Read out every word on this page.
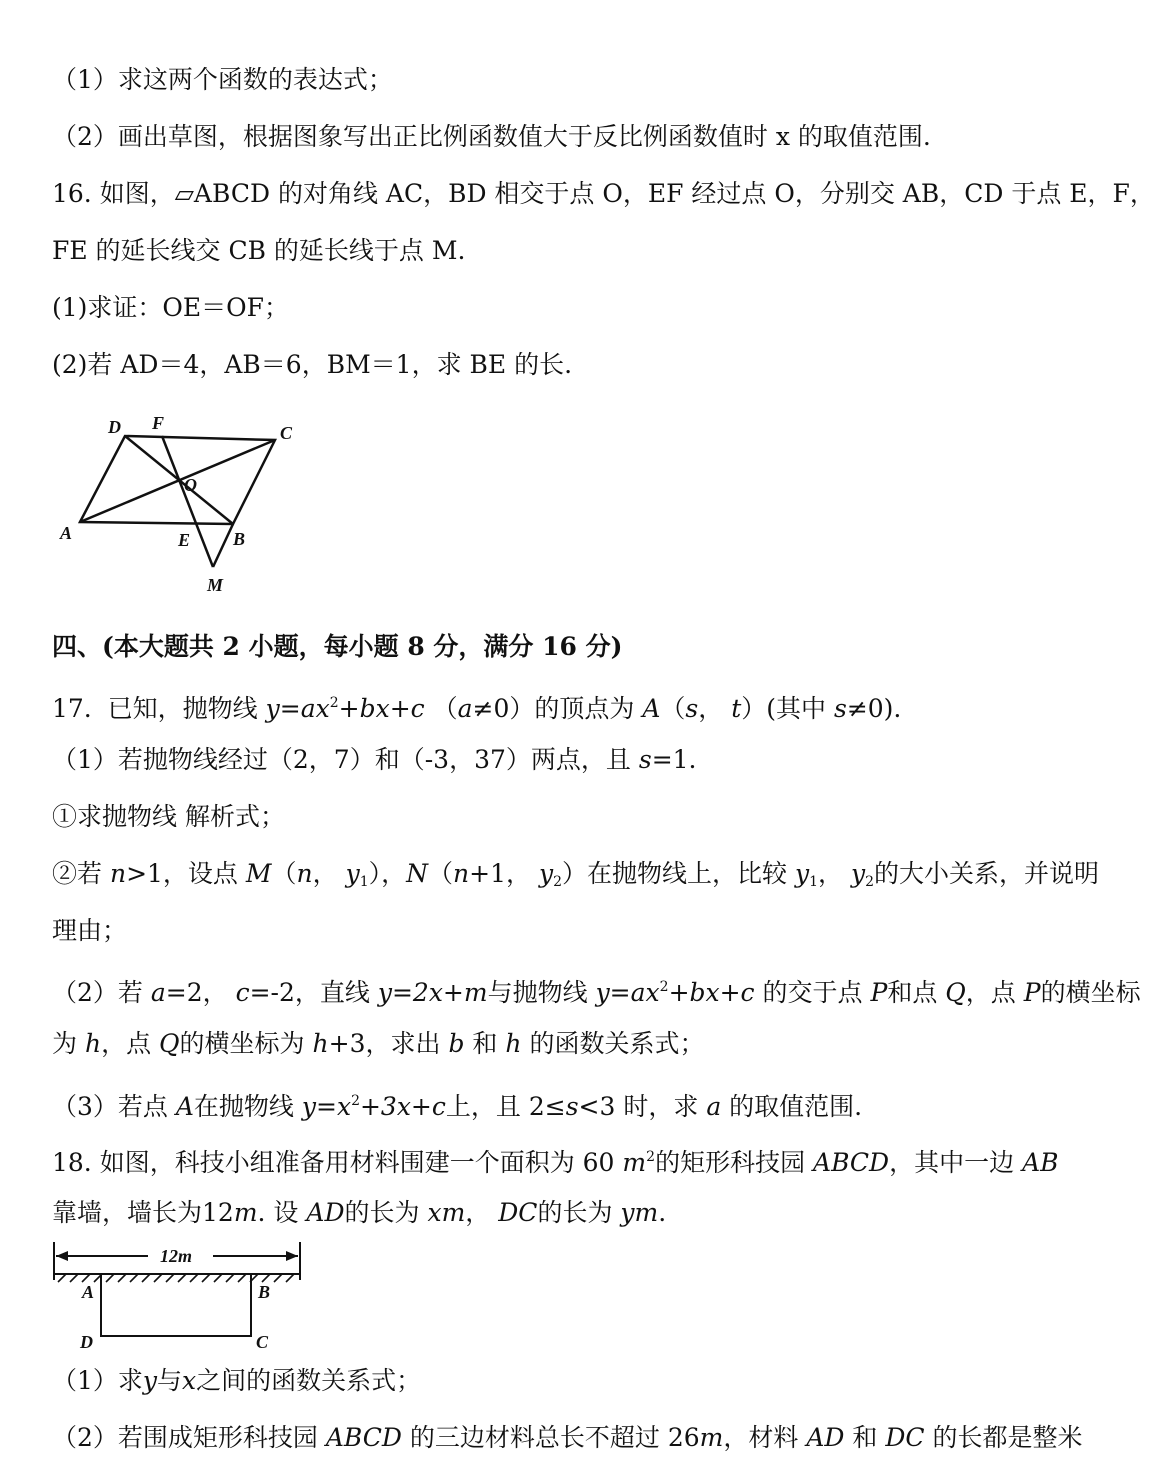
（1）求这两个函数的表达式；
（2）画出草图，根据图象写出正比例函数值大于反比例函数值时 x 的取值范围.
16. 如图，▱ABCD 的对角线 AC，BD 相交于点 O，EF 经过点 O，分别交 AB，CD 于点 E，F，
FE 的延长线交 CB 的延长线于点 M.
(1)求证：OE＝OF；
(2)若 AD＝4，AB＝6，BM＝1，求 BE 的长.
D F	C
O
A	E B
M
四、(本大题共 2 小题，每小题 8 分，满分 16 分)
17. 已知，抛物线 $y=ax^2+bx+c$ （a≠0）的顶点为 A（s， t）(其中 s≠0).
（1）若抛物线经过（2，7）和（-3，37）两点，且 s=1.
①求抛物线 解析式；
②若 n>1，设点 M（n， $y_1$），N（n+1， $y_2$）在抛物线上，比较 $y_1$， $y_2$的大小关系，并说明
理由；
（2）若 a=2， c=-2，直线 y=2x+m与抛物线 $y=ax^2+bx+c$ 的交于点 P和点 Q，点 P的横坐标
为 h，点 Q的横坐标为 h+3，求出 b 和 h 的函数关系式；
（3）若点 A在抛物线 $y=x^2+3x+c$上，且 2≤s<3 时，求 a 的取值范围.
18. 如图，科技小组准备用材料围建一个面积为 60 $m^2$的矩形科技园 ABCD，其中一边 AB
靠墙，墙长为12m. 设 AD的长为 xm， DC的长为 ym.
12m
A	B
D	C
（1）求y与x之间的函数关系式；
（2）若围成矩形科技园 ABCD 的三边材料总长不超过 26m，材料 AD 和 DC 的长都是整米
